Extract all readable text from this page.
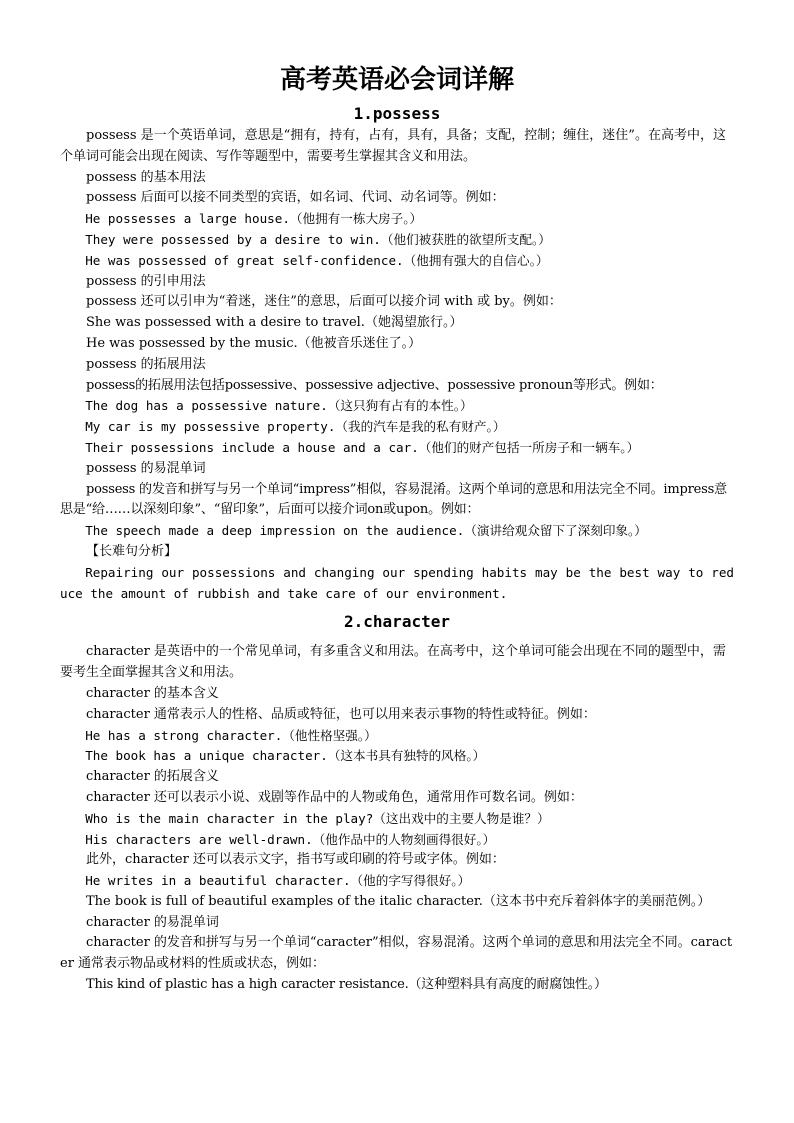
高考英语必会词详解
1.possess

possess 是一个英语单词，意思是“拥有，持有，占有，具有，具备；支配，控制；缠住，迷住”。在高考中，这个单词可能会出现在阅读、写作等题型中，需要考生掌握其含义和用法。

possess 的基本用法

possess 后面可以接不同类型的宾语，如名词、代词、动名词等。例如：

He possesses a large house.（他拥有一栋大房子。）

They were possessed by a desire to win.（他们被获胜的欲望所支配。）

He was possessed of great self-confidence.（他拥有强大的自信心。）

possess 的引申用法

possess 还可以引申为“着迷，迷住”的意思，后面可以接介词 with 或 by。例如：

She was possessed with a desire to travel.（她渴望旅行。）

He was possessed by the music.（他被音乐迷住了。）

possess 的拓展用法

possess的拓展用法包括possessive、possessive adjective、possessive pronoun等形式。例如：

The dog has a possessive nature.（这只狗有占有的本性。）

My car is my possessive property.（我的汽车是我的私有财产。）

Their possessions include a house and a car.（他们的财产包括一所房子和一辆车。）

possess 的易混单词

possess 的发音和拼写与另一个单词“impress”相似，容易混淆。这两个单词的意思和用法完全不同。impress意思是“给……以深刻印象”、“留印象”，后面可以接介词on或upon。例如：

The speech made a deep impression on the audience.（演讲给观众留下了深刻印象。）

【长难句分析】

Repairing our possessions and changing our spending habits may be the best way to reduce the amount of rubbish and take care of our environment.

2.character

character 是英语中的一个常见单词，有多重含义和用法。在高考中，这个单词可能会出现在不同的题型中，需要考生全面掌握其含义和用法。

character 的基本含义

character 通常表示人的性格、品质或特征，也可以用来表示事物的特性或特征。例如：

He has a strong character.（他性格坚强。）

The book has a unique character.（这本书具有独特的风格。）

character 的拓展含义

character 还可以表示小说、戏剧等作品中的人物或角色，通常用作可数名词。例如：

Who is the main character in the play?（这出戏中的主要人物是谁？）

His characters are well-drawn.（他作品中的人物刻画得很好。）

此外，character 还可以表示文字，指书写或印刷的符号或字体。例如：

He writes in a beautiful character.（他的字写得很好。）

The book is full of beautiful examples of the italic character.（这本书中充斥着斜体字的美丽范例。）

character 的易混单词

character 的发音和拼写与另一个单词“caracter”相似，容易混淆。这两个单词的意思和用法完全不同。caracter 通常表示物品或材料的性质或状态，例如：

This kind of plastic has a high caracter resistance.（这种塑料具有高度的耐腐蚀性。）
